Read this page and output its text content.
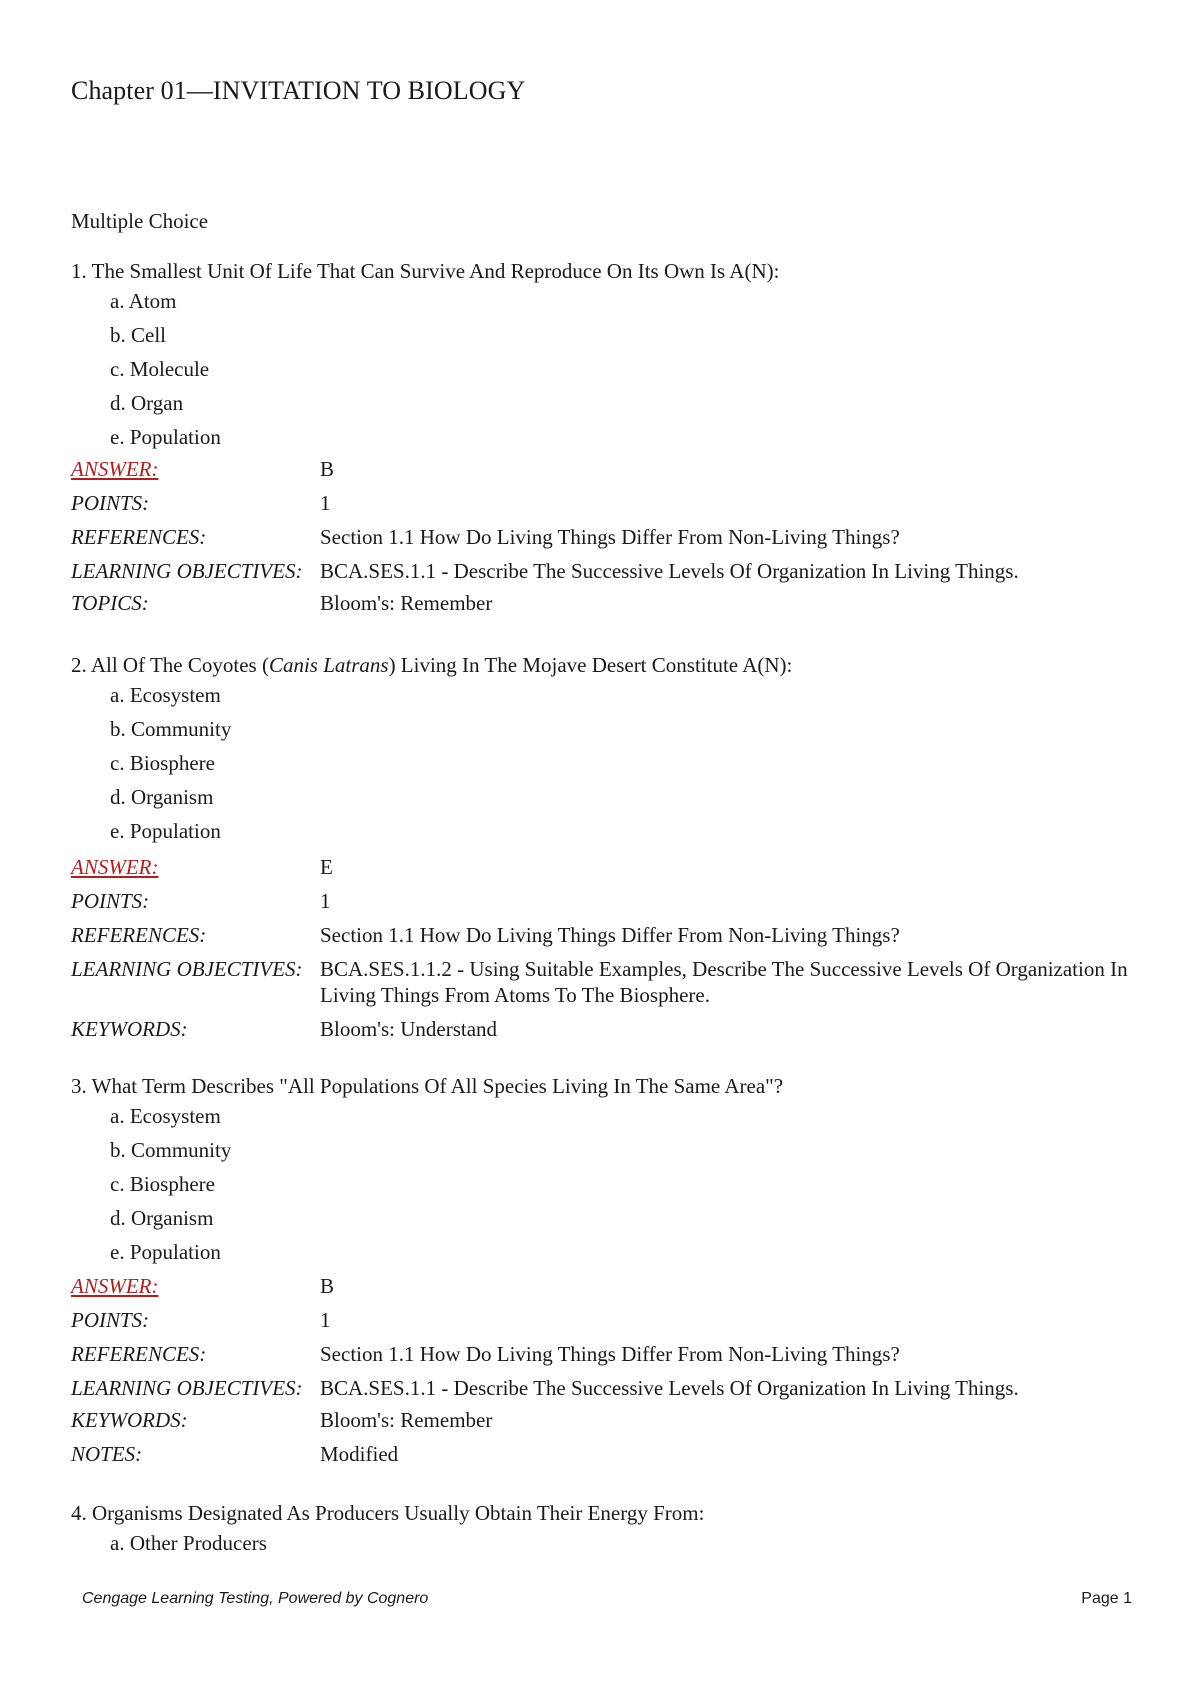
Chapter 01—INVITATION TO BIOLOGY
Multiple Choice
1. The Smallest Unit Of Life That Can Survive And Reproduce On Its Own Is A(N):
a. Atom
b. Cell
c. Molecule
d. Organ
e. Population
ANSWER:	B
POINTS:	1
REFERENCES:	Section 1.1 How Do Living Things Differ From Non-Living Things?
LEARNING OBJECTIVES: BCA.SES.1.1 - Describe The Successive Levels Of Organization In Living Things.
TOPICS:	Bloom's: Remember
2. All Of The Coyotes (Canis Latrans) Living In The Mojave Desert Constitute A(N):
a. Ecosystem
b. Community
c. Biosphere
d. Organism
e. Population
ANSWER:	E
POINTS:	1
REFERENCES:	Section 1.1 How Do Living Things Differ From Non-Living Things?
LEARNING OBJECTIVES: BCA.SES.1.1.2 - Using Suitable Examples, Describe The Successive Levels Of Organization In Living Things From Atoms To The Biosphere.
KEYWORDS:	Bloom's: Understand
3. What Term Describes "All Populations Of All Species Living In The Same Area"?
a. Ecosystem
b. Community
c. Biosphere
d. Organism
e. Population
ANSWER:	B
POINTS:	1
REFERENCES:	Section 1.1 How Do Living Things Differ From Non-Living Things?
LEARNING OBJECTIVES: BCA.SES.1.1 - Describe The Successive Levels Of Organization In Living Things.
KEYWORDS:	Bloom's: Remember
NOTES:	Modified
4. Organisms Designated As Producers Usually Obtain Their Energy From:
a. Other Producers
Cengage Learning Testing, Powered by Cognero	Page 1
